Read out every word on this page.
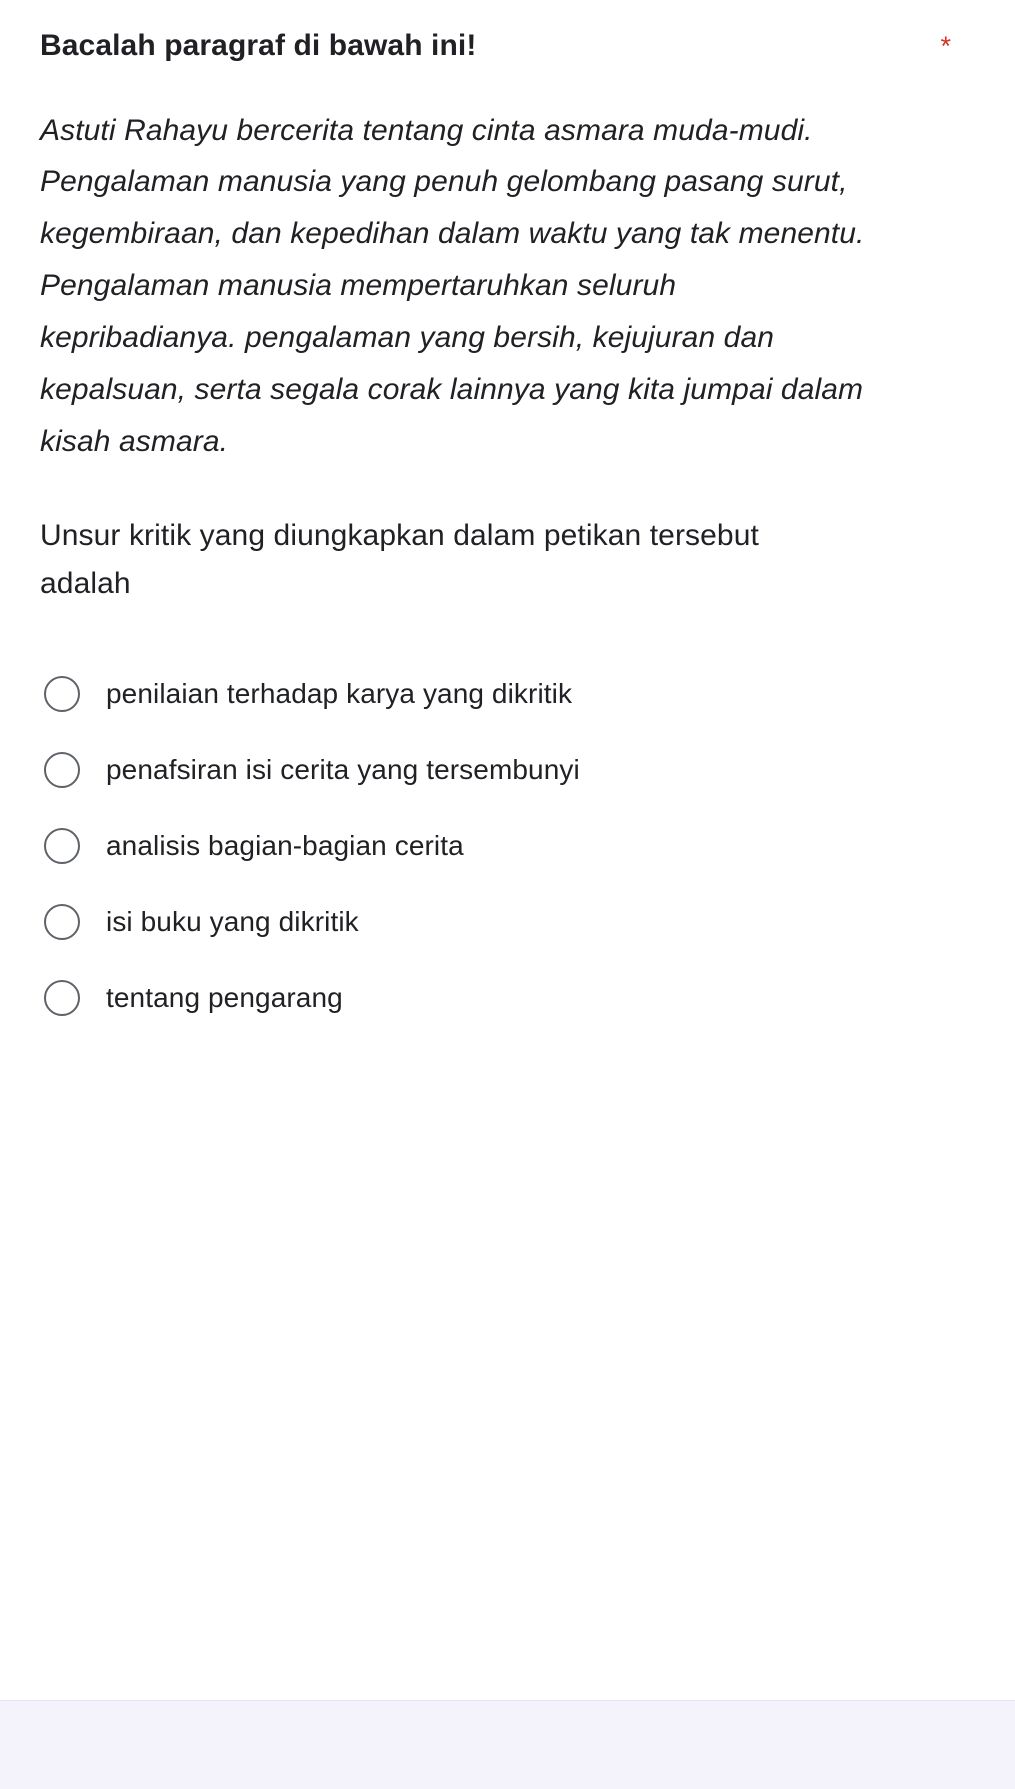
Bacalah paragraf di bawah ini!	*
Astuti Rahayu bercerita tentang cinta asmara muda-mudi. Pengalaman manusia yang penuh gelombang pasang surut, kegembiraan, dan kepedihan dalam waktu yang tak menentu. Pengalaman manusia mempertaruhkan seluruh kepribadianya. pengalaman yang bersih, kejujuran dan kepalsuan, serta segala corak lainnya yang kita jumpai dalam kisah asmara.
Unsur kritik yang diungkapkan dalam petikan tersebut adalah
penilaian terhadap karya yang dikritik
penafsiran isi cerita yang tersembunyi
analisis bagian-bagian cerita
isi buku yang dikritik
tentang pengarang
